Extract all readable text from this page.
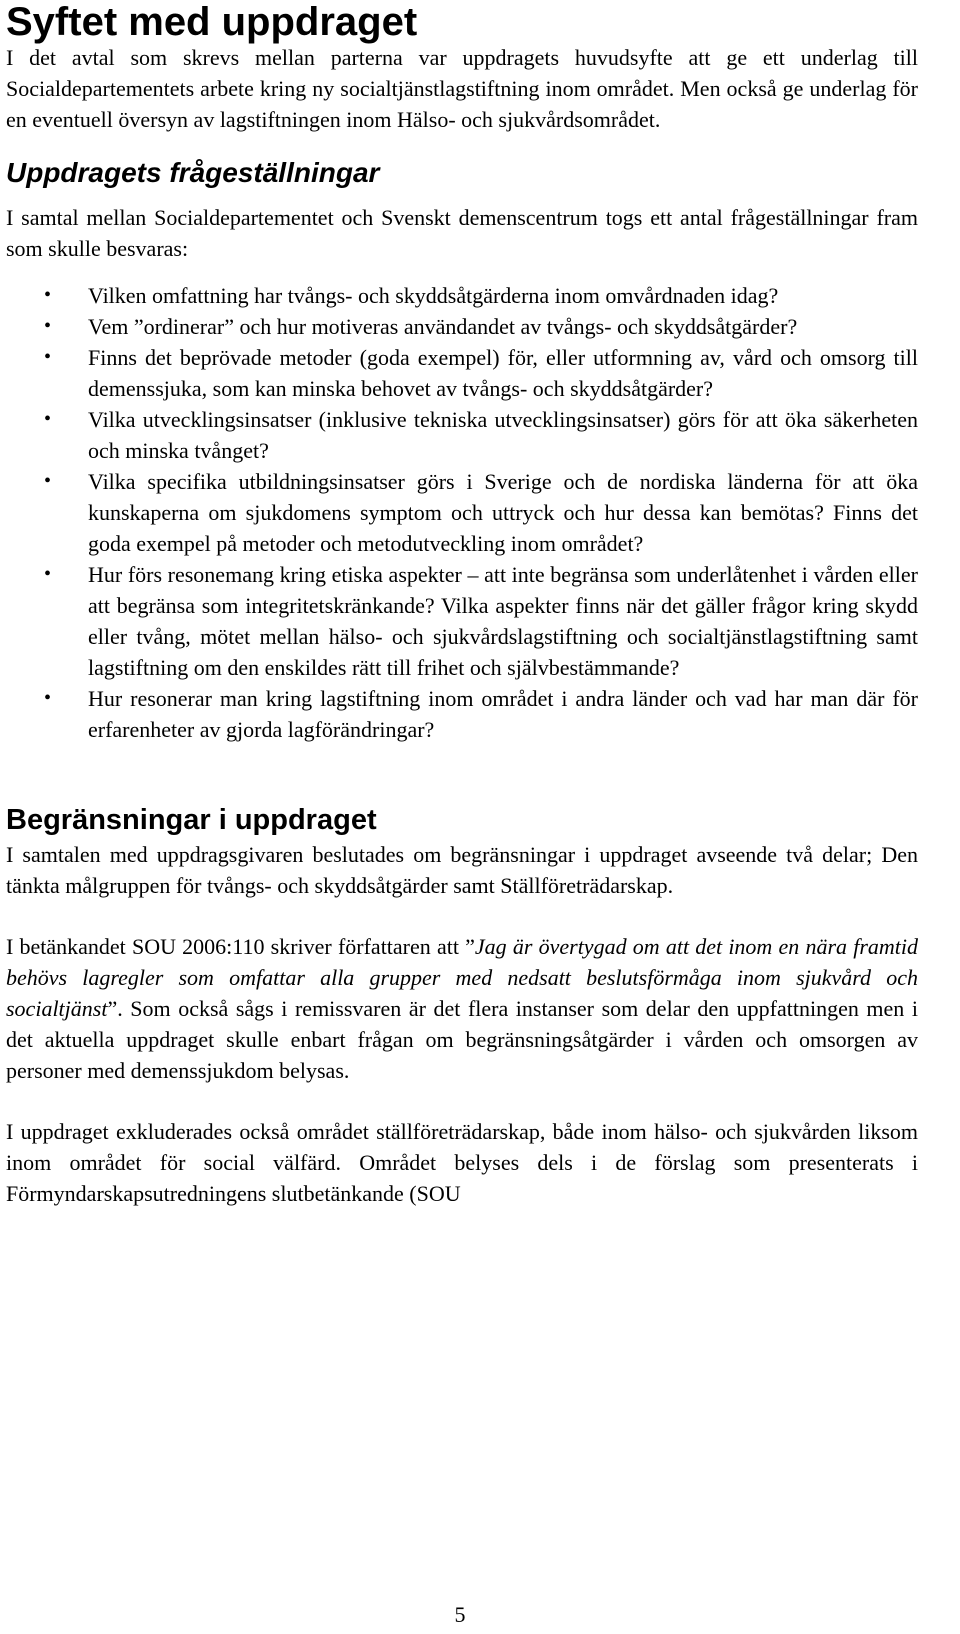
Syftet med uppdraget

I det avtal som skrevs mellan parterna var uppdragets huvudsyfte att ge ett underlag till Socialdepartementets arbete kring ny socialtjänstlagstiftning inom området. Men också ge underlag för en eventuell översyn av lagstiftningen inom Hälso- och sjukvårdsområdet.

Uppdragets frågeställningar

I samtal mellan Socialdepartementet och Svenskt demenscentrum togs ett antal frågeställningar fram som skulle besvaras:

• Vilken omfattning har tvångs- och skyddsåtgärderna inom omvårdnaden idag?
• Vem ”ordinerar” och hur motiveras användandet av tvångs- och skyddsåtgärder?
• Finns det beprövade metoder (goda exempel) för, eller utformning av, vård och omsorg till demenssjuka, som kan minska behovet av tvångs- och skyddsåtgärder?
• Vilka utvecklingsinsatser (inklusive tekniska utvecklingsinsatser) görs för att öka säkerheten och minska tvånget?
• Vilka specifika utbildningsinsatser görs i Sverige och de nordiska länderna för att öka kunskaperna om sjukdomens symptom och uttryck och hur dessa kan bemötas? Finns det goda exempel på metoder och metodutveckling inom området?
• Hur förs resonemang kring etiska aspekter – att inte begränsa som underlåtenhet i vården eller att begränsa som integritetskränkande? Vilka aspekter finns när det gäller frågor kring skydd eller tvång, mötet mellan hälso- och sjukvårdslagstiftning och socialtjänstlagstiftning samt lagstiftning om den enskildes rätt till frihet och självbestämmande?
• Hur resonerar man kring lagstiftning inom området i andra länder och vad har man där för erfarenheter av gjorda lagförändringar?
Begränsningar i uppdraget

I samtalen med uppdragsgivaren beslutades om begränsningar i uppdraget avseende två delar; Den tänkta målgruppen för tvångs- och skyddsåtgärder samt Ställföreträdarskap.

I betänkandet SOU 2006:110 skriver författaren att ”Jag är övertygad om att det inom en nära framtid behövs lagregler som omfattar alla grupper med nedsatt beslutsförmåga inom sjukvård och socialtjänst”. Som också sågs i remissvaren är det flera instanser som delar den uppfattningen men i det aktuella uppdraget skulle enbart frågan om begränsningsåtgärder i vården och omsorgen av personer med demenssjukdom belysas.

I uppdraget exkluderades också området ställföreträdarskap, både inom hälso- och sjukvården liksom inom området för social välfärd. Området belyses dels i de förslag som presenterats i Förmyndarskapsutredningens slutbetänkande (SOU

5
